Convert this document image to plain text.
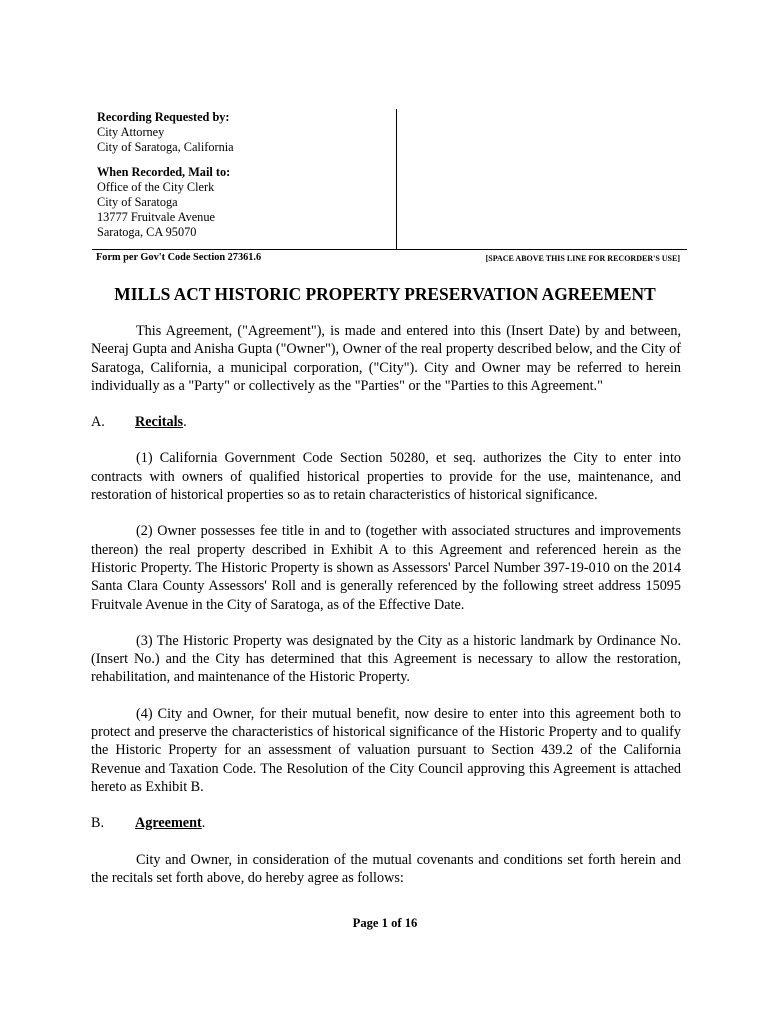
Recording Requested by:
City Attorney
City of Saratoga, California
When Recorded, Mail to:
Office of the City Clerk
City of Saratoga
13777 Fruitvale Avenue
Saratoga, CA 95070
Form per Gov't Code Section 27361.6	[SPACE ABOVE THIS LINE FOR RECORDER'S USE]
MILLS ACT HISTORIC PROPERTY PRESERVATION AGREEMENT

This Agreement, ("Agreement"), is made and entered into this (Insert Date) by and between, Neeraj Gupta and Anisha Gupta ("Owner"), Owner of the real property described below, and the City of Saratoga, California, a municipal corporation, ("City"). City and Owner may be referred to herein individually as a "Party" or collectively as the "Parties" or the "Parties to this Agreement."

A.	Recitals.

(1) California Government Code Section 50280, et seq. authorizes the City to enter into contracts with owners of qualified historical properties to provide for the use, maintenance, and restoration of historical properties so as to retain characteristics of historical significance.

(2) Owner possesses fee title in and to (together with associated structures and improvements thereon) the real property described in Exhibit A to this Agreement and referenced herein as the Historic Property. The Historic Property is shown as Assessors' Parcel Number 397-19-010 on the 2014 Santa Clara County Assessors' Roll and is generally referenced by the following street address 15095 Fruitvale Avenue in the City of Saratoga, as of the Effective Date.

(3) The Historic Property was designated by the City as a historic landmark by Ordinance No. (Insert No.) and the City has determined that this Agreement is necessary to allow the restoration, rehabilitation, and maintenance of the Historic Property.

(4) City and Owner, for their mutual benefit, now desire to enter into this agreement both to protect and preserve the characteristics of historical significance of the Historic Property and to qualify the Historic Property for an assessment of valuation pursuant to Section 439.2 of the California Revenue and Taxation Code. The Resolution of the City Council approving this Agreement is attached hereto as Exhibit B.

B.	Agreement.

City and Owner, in consideration of the mutual covenants and conditions set forth herein and the recitals set forth above, do hereby agree as follows:

Page 1 of 16
